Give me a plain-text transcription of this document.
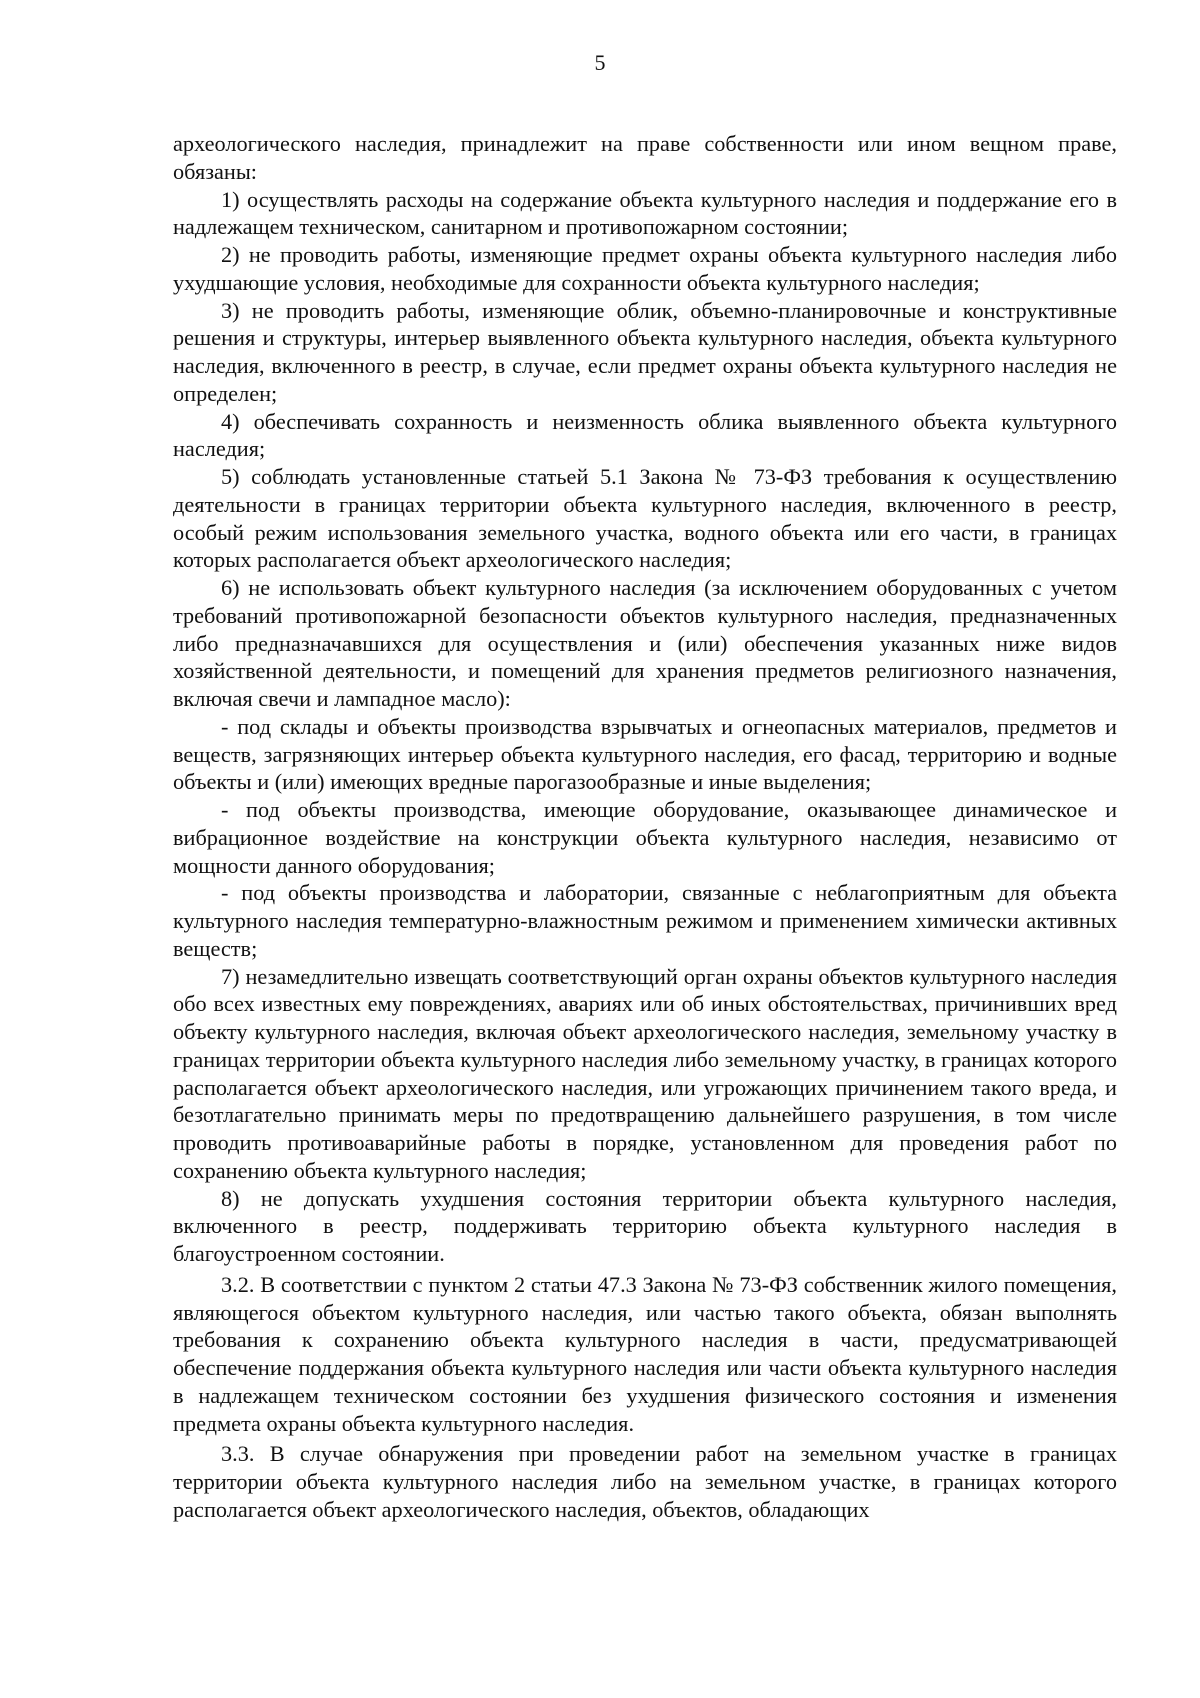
5

археологического наследия, принадлежит на праве собственности или ином вещном праве, обязаны:

1) осуществлять расходы на содержание объекта культурного наследия и поддержание его в надлежащем техническом, санитарном и противопожарном состоянии;

2) не проводить работы, изменяющие предмет охраны объекта культурного наследия либо ухудшающие условия, необходимые для сохранности объекта культурного наследия;

3) не проводить работы, изменяющие облик, объемно-планировочные и конструктивные решения и структуры, интерьер выявленного объекта культурного наследия, объекта культурного наследия, включенного в реестр, в случае, если предмет охраны объекта культурного наследия не определен;

4) обеспечивать сохранность и неизменность облика выявленного объекта культурного наследия;

5) соблюдать установленные статьей 5.1 Закона № 73-ФЗ требования к осуществлению деятельности в границах территории объекта культурного наследия, включенного в реестр, особый режим использования земельного участка, водного объекта или его части, в границах которых располагается объект археологического наследия;

6) не использовать объект культурного наследия (за исключением оборудованных с учетом требований противопожарной безопасности объектов культурного наследия, предназначенных либо предназначавшихся для осуществления и (или) обеспечения указанных ниже видов хозяйственной деятельности, и помещений для хранения предметов религиозного назначения, включая свечи и лампадное масло):

- под склады и объекты производства взрывчатых и огнеопасных материалов, предметов и веществ, загрязняющих интерьер объекта культурного наследия, его фасад, территорию и водные объекты и (или) имеющих вредные парогазообразные и иные выделения;

- под объекты производства, имеющие оборудование, оказывающее динамическое и вибрационное воздействие на конструкции объекта культурного наследия, независимо от мощности данного оборудования;

- под объекты производства и лаборатории, связанные с неблагоприятным для объекта культурного наследия температурно-влажностным режимом и применением химически активных веществ;

7) незамедлительно извещать соответствующий орган охраны объектов культурного наследия обо всех известных ему повреждениях, авариях или об иных обстоятельствах, причинивших вред объекту культурного наследия, включая объект археологического наследия, земельному участку в границах территории объекта культурного наследия либо земельному участку, в границах которого располагается объект археологического наследия, или угрожающих причинением такого вреда, и безотлагательно принимать меры по предотвращению дальнейшего разрушения, в том числе проводить противоаварийные работы в порядке, установленном для проведения работ по сохранению объекта культурного наследия;

8) не допускать ухудшения состояния территории объекта культурного наследия, включенного в реестр, поддерживать территорию объекта культурного наследия в благоустроенном состоянии.

3.2. В соответствии с пунктом 2 статьи 47.3 Закона № 73-ФЗ собственник жилого помещения, являющегося объектом культурного наследия, или частью такого объекта, обязан выполнять требования к сохранению объекта культурного наследия в части, предусматривающей обеспечение поддержания объекта культурного наследия или части объекта культурного наследия в надлежащем техническом состоянии без ухудшения физического состояния и изменения предмета охраны объекта культурного наследия.

3.3. В случае обнаружения при проведении работ на земельном участке в границах территории объекта культурного наследия либо на земельном участке, в границах которого располагается объект археологического наследия, объектов, обладающих
